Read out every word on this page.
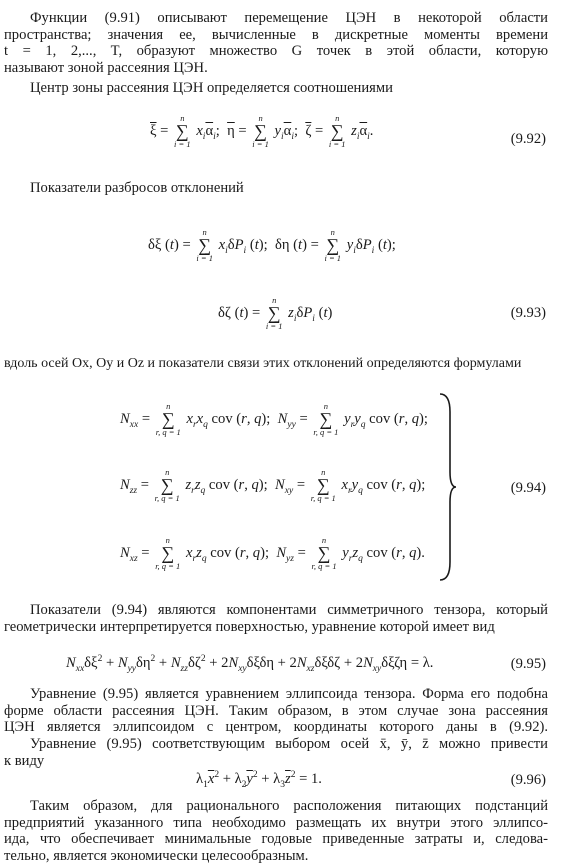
Функции (9.91) описывают перемещение ЦЭН в некоторой области
пространства; значения ее, вычисленные в дискретные моменты времени
t = 1, 2,..., T, образуют множество G точек в этой области, которую
называют зоной рассеяния ЦЭН.
Центр зоны рассеяния ЦЭН определяется соотношениями
$\overline{\xi}$ =
n
∑
i = 1
$x_i\overline{\alpha}_i$;  $\overline{\eta}$ =
n
∑
i = 1
$y_i\overline{\alpha}_i$;  $\overline{\zeta}$ =
n
∑
i = 1
$z_i\overline{\alpha}_i$.
(9.92)
Показатели разбросов отклонений
δξ (t) =
n
∑
i = 1
$x_i\delta P_i$ (t);  δη (t) =
n
∑
i = 1
$y_i\delta P_i$ (t);
δζ (t) =
n
∑
i = 1
$z_i\delta P_i$ (t)	(9.93)
вдоль осей Ox, Oy и Oz и показатели связи этих отклонений определяются формулами
$N_{xx}$ =
n
∑
r, q = 1
$x_rx_q$ cov (r, q);  $N_{yy}$ =
n
∑
r, q = 1
$y_ry_q$ cov (r, q);
$N_{zz}$ =
n
∑
r, q = 1
$z_rz_q$ cov (r, q);  $N_{xy}$ =
n
∑
r, q = 1
$x_ry_q$ cov (r, q);
$N_{xz}$ =
n
∑
r, q = 1
$x_rz_q$ cov (r, q);  $N_{yz}$ =
n
∑
r, q = 1
$y_rz_q$ cov (r, q).
(9.94)
Показатели (9.94) являются компонентами симметричного тензора, который
геометрически интерпретируется поверхностью, уравнение которой имеет вид
$N_{xx}\delta\xi^2 + N_{yy}\delta\eta^2 + N_{zz}\delta\zeta^2 + 2N_{xy}\delta\xi\delta\eta + 2N_{xz}\delta\xi\delta\zeta + 2N_{xy}\delta\xi\zeta\eta = \lambda$.	(9.95)
Уравнение (9.95) является уравнением эллипсоида тензора. Форма его подобна
форме области рассеяния ЦЭН. Таким образом, в этом случае зона рассеяния
ЦЭН является эллипсоидом с центром, координаты которого даны в (9.92).
Уравнение (9.95) соответствующим выбором осей x̄, ȳ, z̄ можно привести
к виду
$\lambda_1\overline{x}^2 + \lambda_2\overline{y}^2 + \lambda_3\overline{z}^2 = 1$.	(9.96)
Таким образом, для рационального расположения питающих подстанций
предприятий указанного типа необходимо размещать их внутри этого эллипсо-
ида, что обеспечивает минимальные годовые приведенные затраты и, следова-
тельно, является экономически целесообразным.
